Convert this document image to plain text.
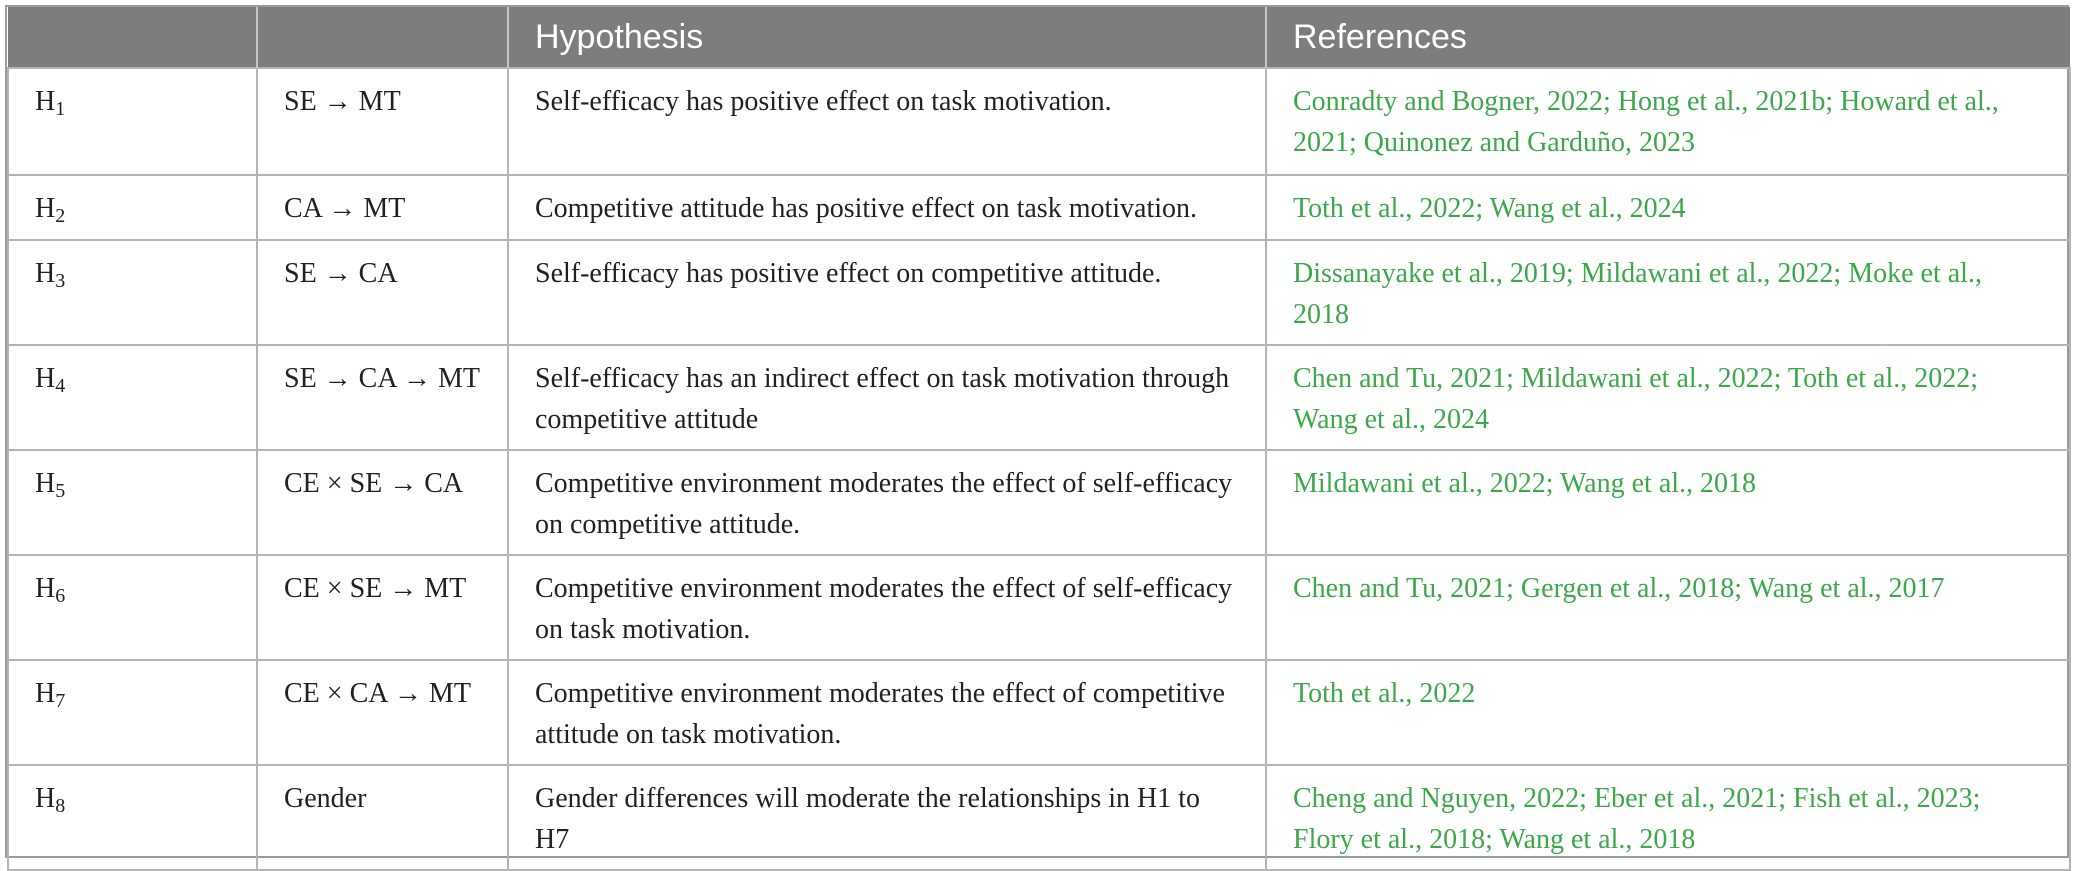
		Hypothesis	References
$H_1$	SE → MT	Self-efficacy has positive effect on task motivation.	Conradty and Bogner, 2022; Hong et al., 2021b; Howard et al., 2021; Quinonez and Garduño, 2023
$H_2$	CA → MT	Competitive attitude has positive effect on task motivation.	Toth et al., 2022; Wang et al., 2024
$H_3$	SE → CA	Self-efficacy has positive effect on competitive attitude.	Dissanayake et al., 2019; Mildawani et al., 2022; Moke et al., 2018
$H_4$	SE → CA → MT	Self-efficacy has an indirect effect on task motivation through competitive attitude	Chen and Tu, 2021; Mildawani et al., 2022; Toth et al., 2022; Wang et al., 2024
$H_5$	CE × SE → CA	Competitive environment moderates the effect of self-efficacy on competitive attitude.	Mildawani et al., 2022; Wang et al., 2018
$H_6$	CE × SE → MT	Competitive environment moderates the effect of self-efficacy on task motivation.	Chen and Tu, 2021; Gergen et al., 2018; Wang et al., 2017
$H_7$	CE × CA → MT	Competitive environment moderates the effect of competitive attitude on task motivation.	Toth et al., 2022
$H_8$	Gender	Gender differences will moderate the relationships in H1 to H7	Cheng and Nguyen, 2022; Eber et al., 2021; Fish et al., 2023; Flory et al., 2018; Wang et al., 2018
